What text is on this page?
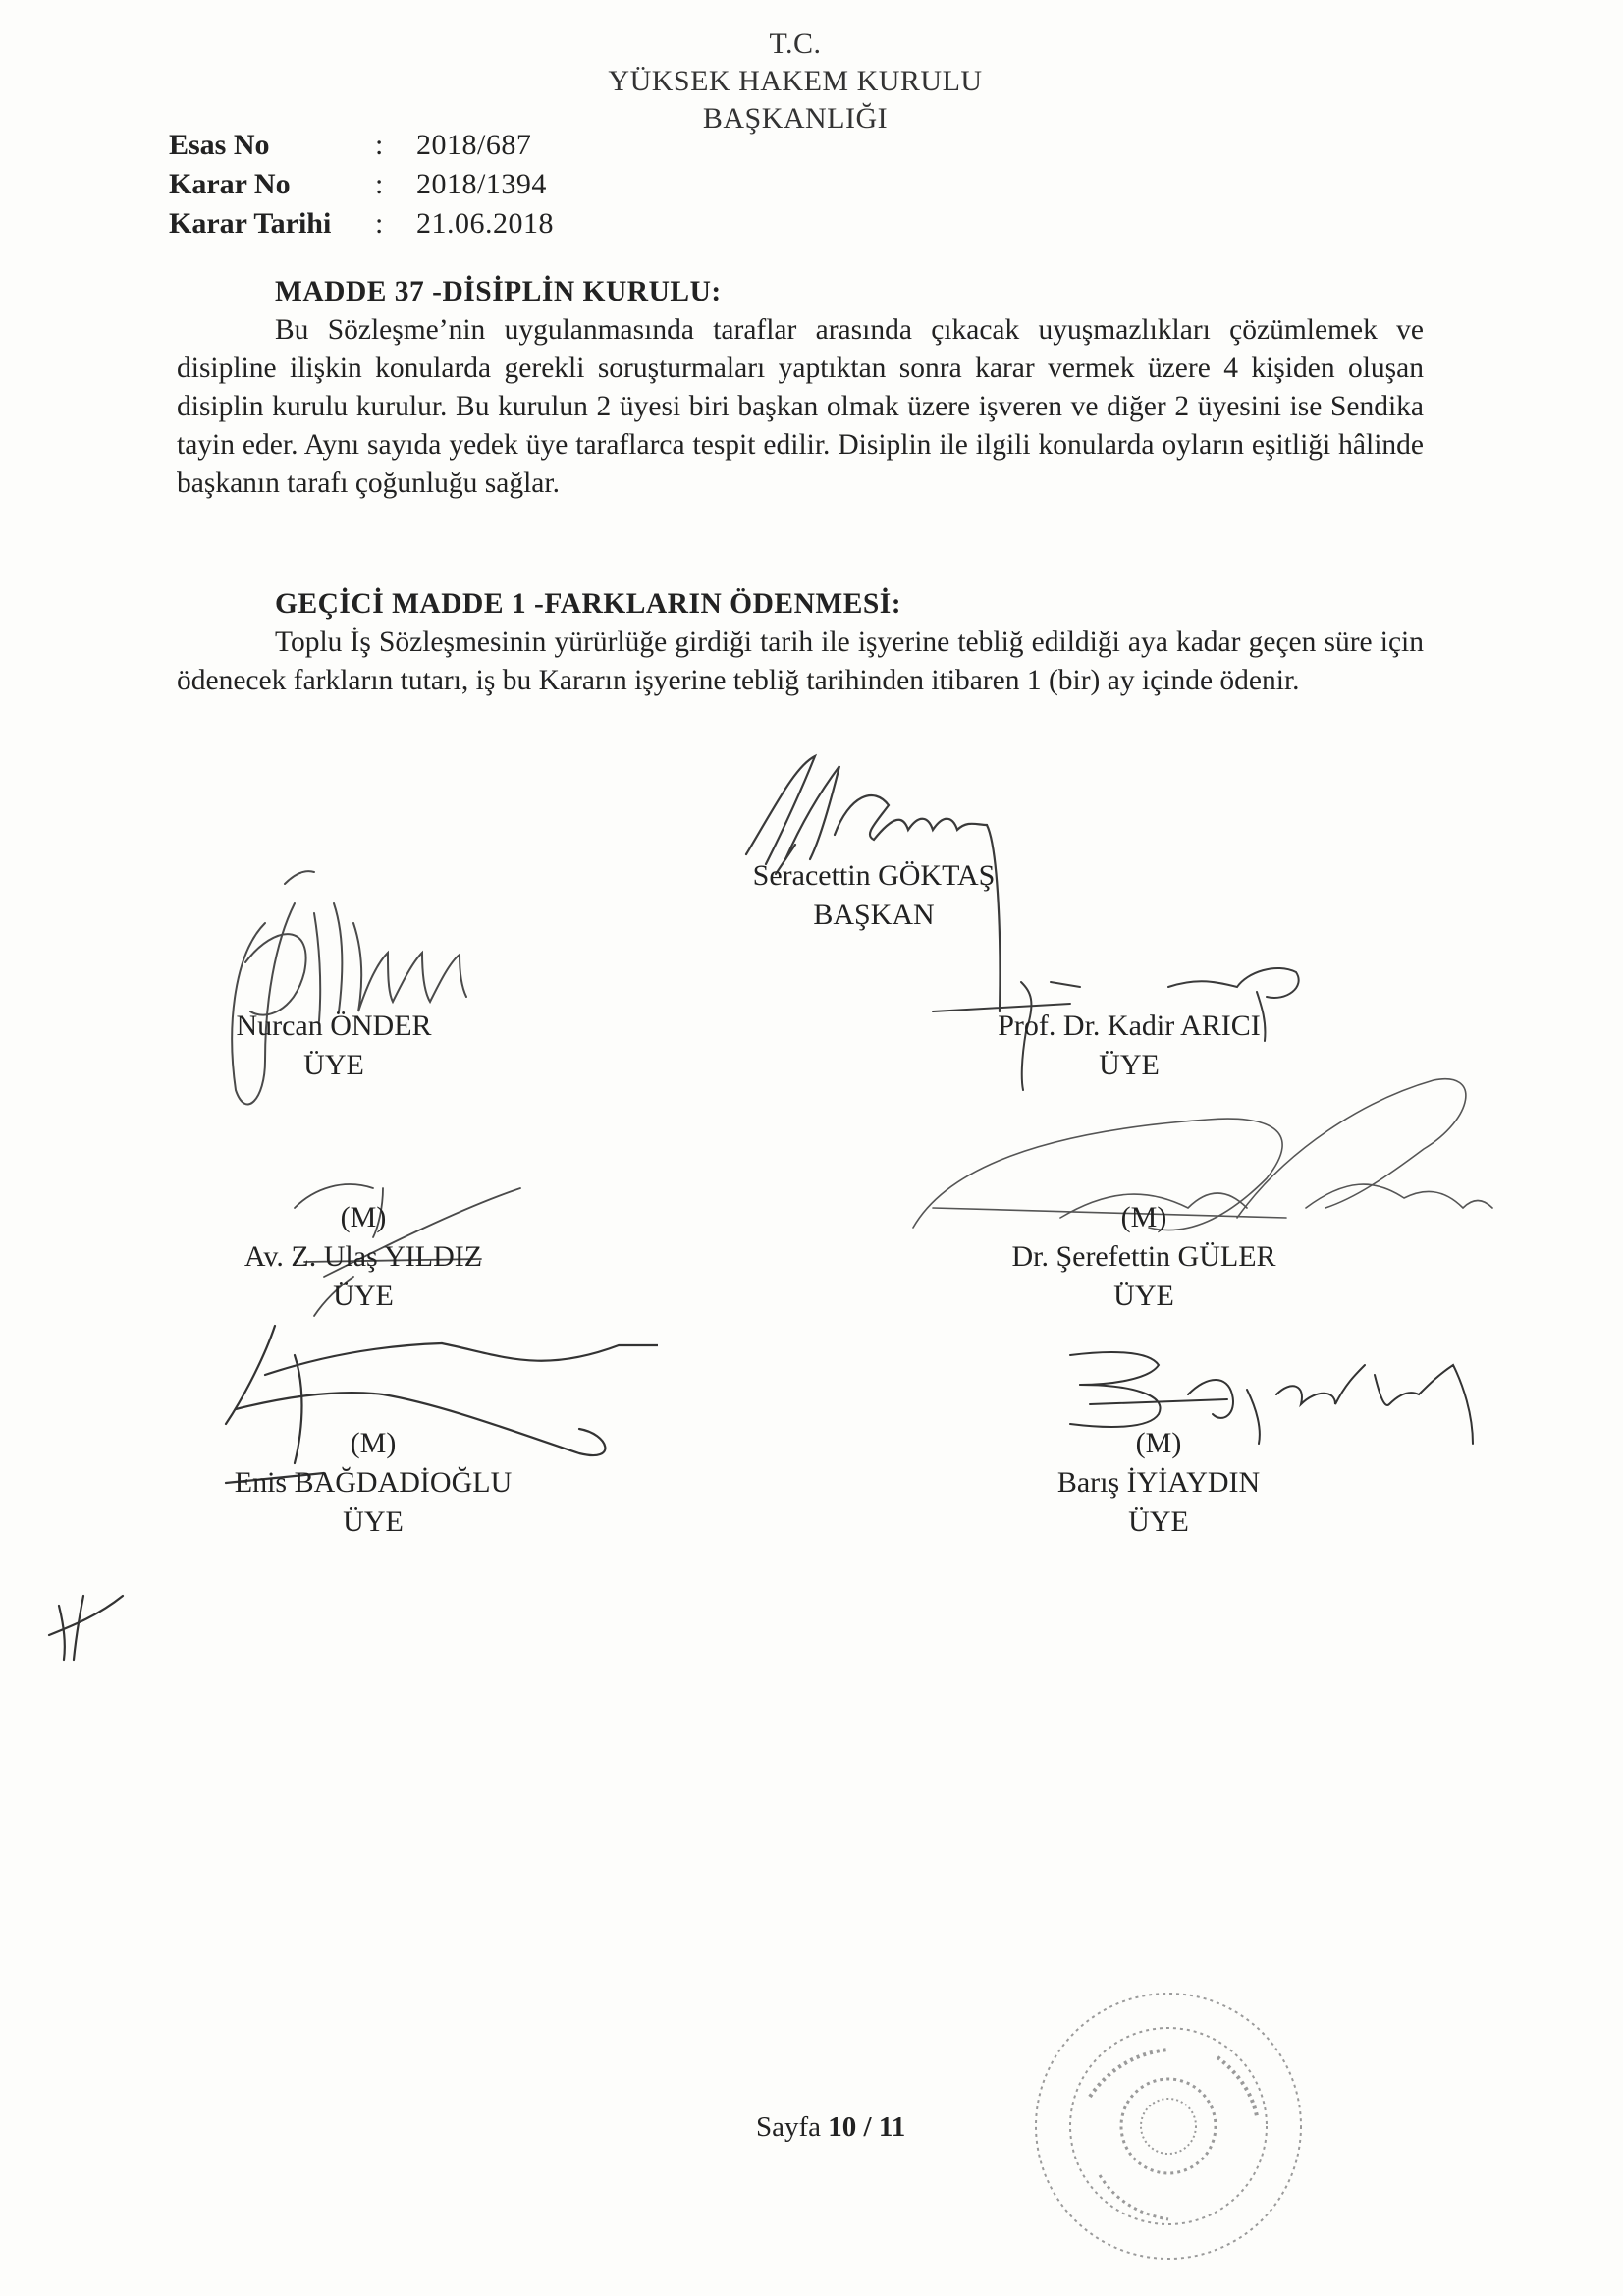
T.C.
YÜKSEK HAKEM KURULU
BAŞKANLIĞI
Esas No	:	2018/687
Karar No	:	2018/1394
Karar Tarihi	:	21.06.2018
MADDE 37 -DİSİPLİN KURULU:

Bu Sözleşme’nin uygulanmasında taraflar arasında çıkacak uyuşmazlıkları çözümlemek ve disipline ilişkin konularda gerekli soruşturmaları yaptıktan sonra karar vermek üzere 4 kişiden oluşan disiplin kurulu kurulur. Bu kurulun 2 üyesi biri başkan olmak üzere işveren ve diğer 2 üyesini ise Sendika tayin eder. Aynı sayıda yedek üye taraflarca tespit edilir. Disiplin ile ilgili konularda oyların eşitliği hâlinde başkanın tarafı çoğunluğu sağlar.

GEÇİCİ MADDE 1 -FARKLARIN ÖDENMESİ:

Toplu İş Sözleşmesinin yürürlüğe girdiği tarih ile işyerine tebliğ edildiği aya kadar geçen süre için ödenecek farkların tutarı, iş bu Kararın işyerine tebliğ tarihinden itibaren 1 (bir) ay içinde ödenir.

Seracettin GÖKTAŞ
BAŞKAN
Nurcan ÖNDER
ÜYE
Prof. Dr. Kadir ARICI
ÜYE
(M)
Av. Z. Ulaş YILDIZ
ÜYE
(M)
Dr. Şerefettin GÜLER
ÜYE
(M)
Enis BAĞDADİOĞLU
ÜYE
(M)
Barış İYİAYDIN
ÜYE
Sayfa 10 / 11
